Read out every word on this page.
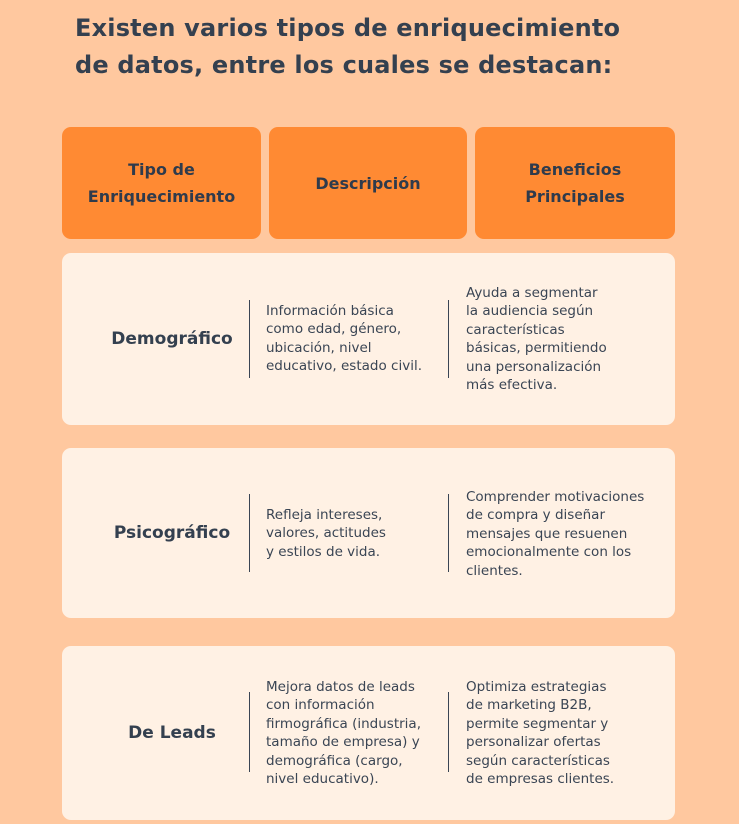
Existen varios tipos de enriquecimiento
de datos, entre los cuales se destacan:
Tipo de
Enriquecimiento
Descripción
Beneficios
Principales
Demográfico
Información básica
como edad, género,
ubicación, nivel
educativo, estado civil.
Ayuda a segmentar
la audiencia según
características
básicas, permitiendo
una personalización
más efectiva.
Psicográfico
Refleja intereses,
valores, actitudes
y estilos de vida.
Comprender motivaciones
de compra y diseñar
mensajes que resuenen
emocionalmente con los
clientes.
De Leads
Mejora datos de leads
con información
firmográfica (industria,
tamaño de empresa) y
demográfica (cargo,
nivel educativo).
Optimiza estrategias
de marketing B2B,
permite segmentar y
personalizar ofertas
según características
de empresas clientes.
